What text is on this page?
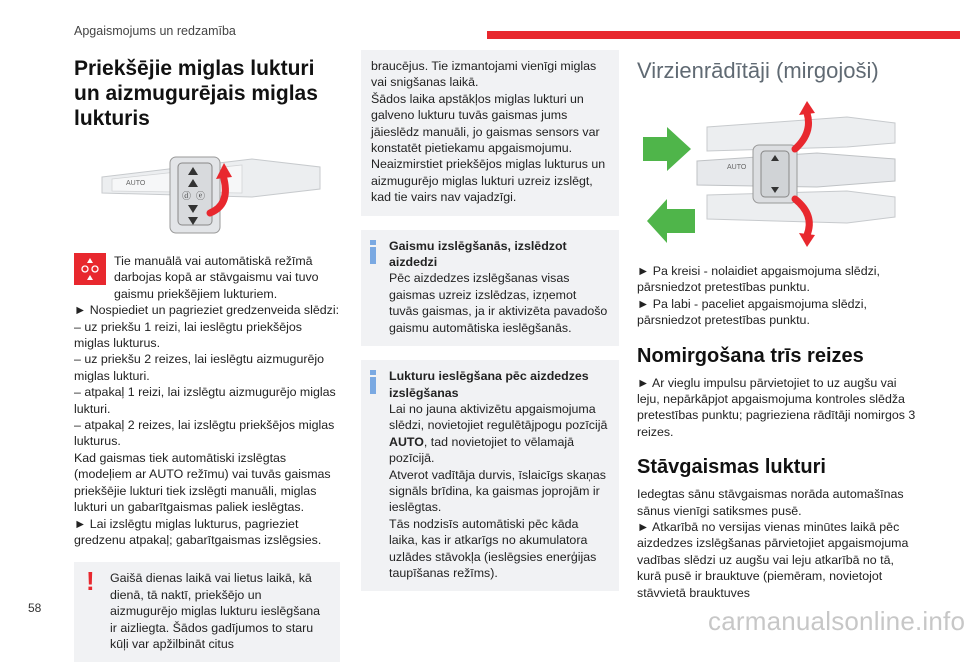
Apgaismojums un redzamība
Priekšējie miglas lukturi un aizmugurējais miglas lukturis
AUTO
ⓓ ⓔ

Tie manuālā vai automātiskā režīmā darbojas kopā ar stāvgaismu vai tuvo gaismu priekšējiem lukturiem.

► Nospiediet un pagrieziet gredzenveida slēdzi:

– uz priekšu 1 reizi, lai ieslēgtu priekšējos miglas lukturus.

– uz priekšu 2 reizes, lai ieslēgtu aizmugurējo miglas lukturi.

– atpakaļ 1 reizi, lai izslēgtu aizmugurējo miglas lukturi.

– atpakaļ 2 reizes, lai izslēgtu priekšējos miglas lukturus.

Kad gaismas tiek automātiski izslēgtas (modeļiem ar AUTO režīmu) vai tuvās gaismas priekšējie lukturi tiek izslēgti manuāli, miglas lukturi un gabarītgaismas paliek ieslēgtas.

► Lai izslēgtu miglas lukturus, pagrieziet gredzenu atpakaļ; gabarītgaismas izslēgsies.

! Gaišā dienas laikā vai lietus laikā, kā dienā, tā naktī, priekšējo un aizmugurējo miglas lukturu ieslēgšana ir aizliegta. Šādos gadījumos to staru kūļi var apžilbināt citus

braucējus. Tie izmantojami vienīgi miglas vai snigšanas laikā.

Šādos laika apstākļos miglas lukturi un galveno lukturu tuvās gaismas jums jāieslēdz manuāli, jo gaismas sensors var konstatēt pietiekamu apgaismojumu.

Neaizmirstiet priekšējos miglas lukturus un aizmugurējo miglas lukturi uzreiz izslēgt, kad tie vairs nav vajadzīgi.

Gaismu izslēgšanās, izslēdzot aizdedzi

Pēc aizdedzes izslēgšanas visas gaismas uzreiz izslēdzas, izņemot tuvās gaismas, ja ir aktivizēta pavadošo gaismu automātiska ieslēgšanās.

Lukturu ieslēgšana pēc aizdedzes izslēgšanas

Lai no jauna aktivizētu apgaismojuma slēdzi, novietojiet regulētājpogu pozīcijā AUTO, tad novietojiet to vēlamajā pozīcijā.

Atverot vadītāja durvis, īslaicīgs skaņas signāls brīdina, ka gaismas joprojām ir ieslēgtas.

Tās nodzisīs automātiski pēc kāda laika, kas ir atkarīgs no akumulatora uzlādes stāvokļa (ieslēgsies enerģijas taupīšanas režīms).

Virzienrādītāji (mirgojoši)
AUTO

► Pa kreisi - nolaidiet apgaismojuma slēdzi, pārsniedzot pretestības punktu.

► Pa labi - paceliet apgaismojuma slēdzi, pārsniedzot pretestības punktu.

Nomirgošana trīs reizes

► Ar vieglu impulsu pārvietojiet to uz augšu vai leju, nepārkāpjot apgaismojuma kontroles slēdža pretestības punktu; pagrieziena rādītāji nomirgos 3 reizes.

Stāvgaismas lukturi

Iedegtas sānu stāvgaismas norāda automašīnas sānus vienīgi satiksmes pusē.

► Atkarībā no versijas vienas minūtes laikā pēc aizdedzes izslēgšanas pārvietojiet apgaismojuma vadības slēdzi uz augšu vai leju atkarībā no tā, kurā pusē ir brauktuve (piemēram, novietojot stāvvietā brauktuves

58	carmanualsonline.info
